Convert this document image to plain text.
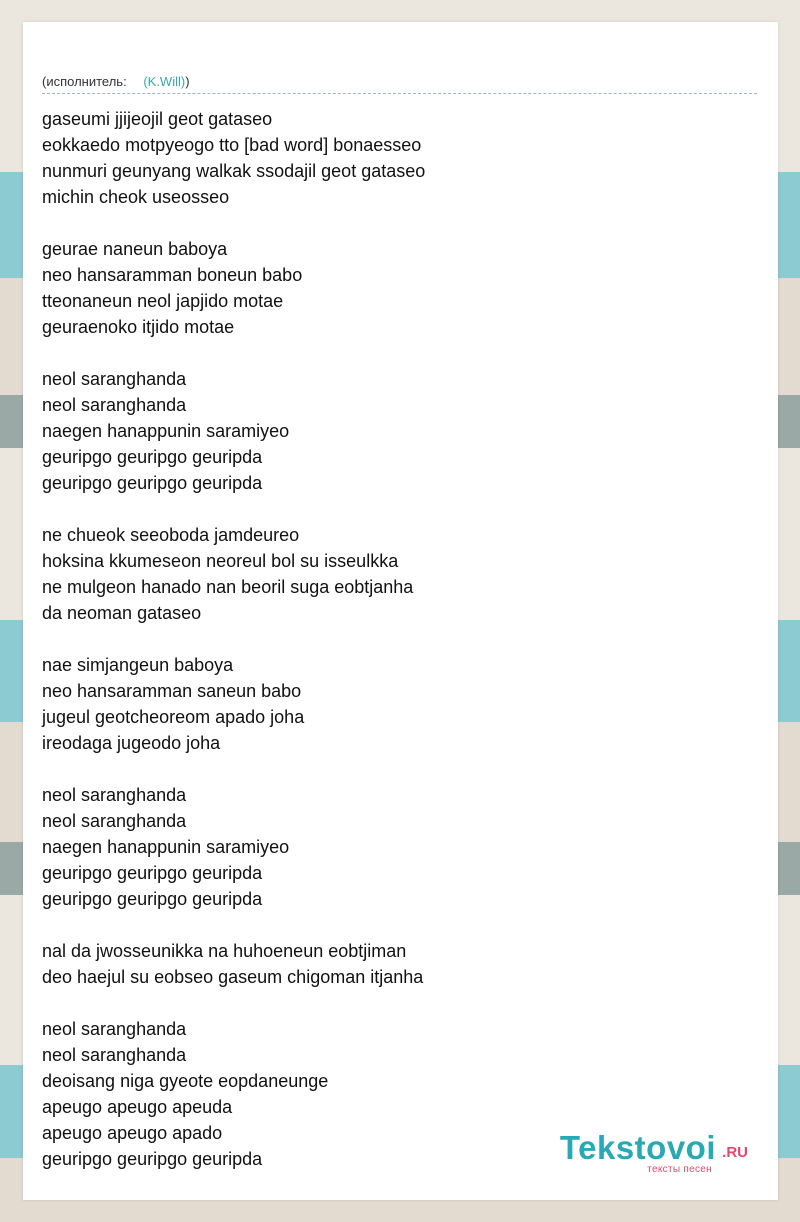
(исполнитель: (K.Will))
gaseumi jjijeojil geot gataseo
eokkaedo motpyeogo tto [bad word] bonaesseo
nunmuri geunyang walkak ssodajil geot gataseo
michin cheok useosseo

geurae naneun baboya
neo hansaramman boneun babo
tteonaneun neol japjido motae
geuraenoko itjido motae

neol saranghanda
neol saranghanda
naegen hanappunin saramiyeo
geuripgo geuripgo geuripda
geuripgo geuripgo geuripda

ne chueok seeoboda jamdeureo
hoksina kkumeseon neoreul bol su isseulkka
ne mulgeon hanado nan beoril suga eobtjanha
da neoman gataseo

nae simjangeun baboya
neo hansaramman saneun babo
jugeul geotcheoreom apado joha
ireodaga jugeodo joha

neol saranghanda
neol saranghanda
naegen hanappunin saramiyeo
geuripgo geuripgo geuripda
geuripgo geuripgo geuripda

nal da jwosseunikka na huhoeneun eobtjiman
deo haejul su eobseo gaseum chigoman itjanha

neol saranghanda
neol saranghanda
deoisang niga gyeote eopdaneunge
apeugo apeugo apeuda
apeugo apeugo apado
geuripgo geuripgo geuripda	Tekstovoi .RU
тексты песен
